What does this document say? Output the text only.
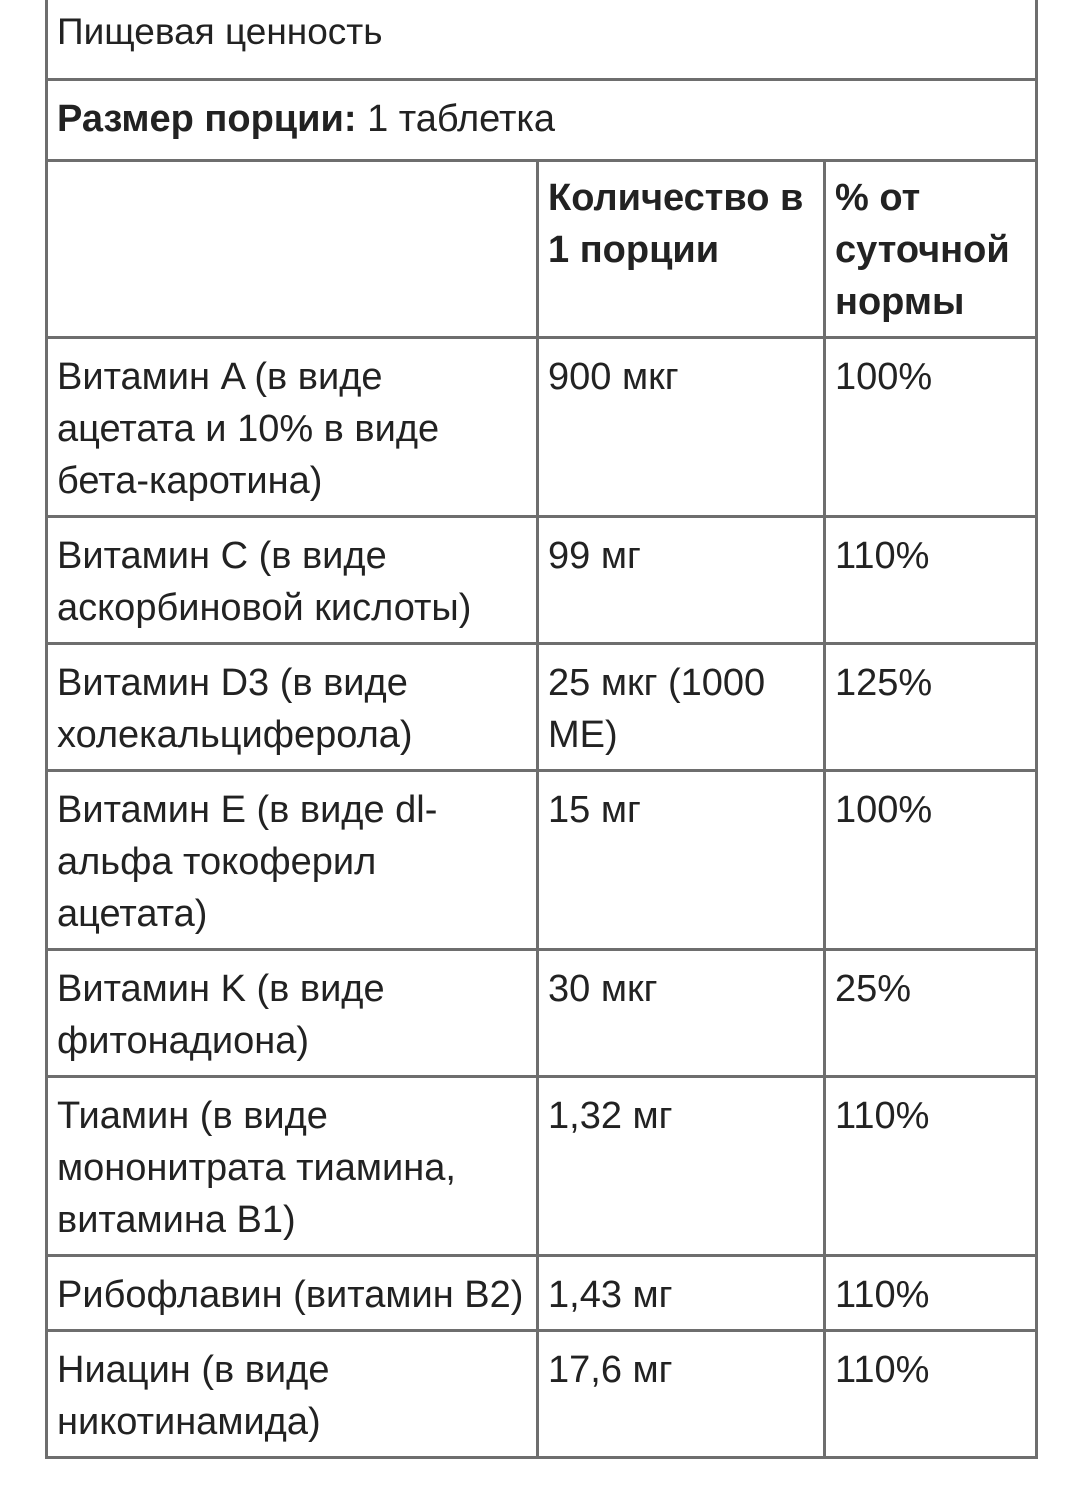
Пищевая ценность		
Размер порции: 1 таблетка		
	Количество в 1 порции	% от суточной нормы
Витамин A (в виде ацетата и 10% в виде бета-каротина)	900 мкг	100%
Витамин C (в виде аскорбиновой кислоты)	99 мг	110%
Витамин D3 (в виде холекальциферола)	25 мкг (1000 МЕ)	125%
Витамин E (в виде dl-альфа токоферил ацетата)	15 мг	100%
Витамин K (в виде фитонадиона)	30 мкг	25%
Тиамин (в виде мононитрата тиамина, витамина B1)	1,32 мг	110%
Рибофлавин (витамин B2)	1,43 мг	110%
Ниацин (в виде никотинамида)	17,6 мг	110%
